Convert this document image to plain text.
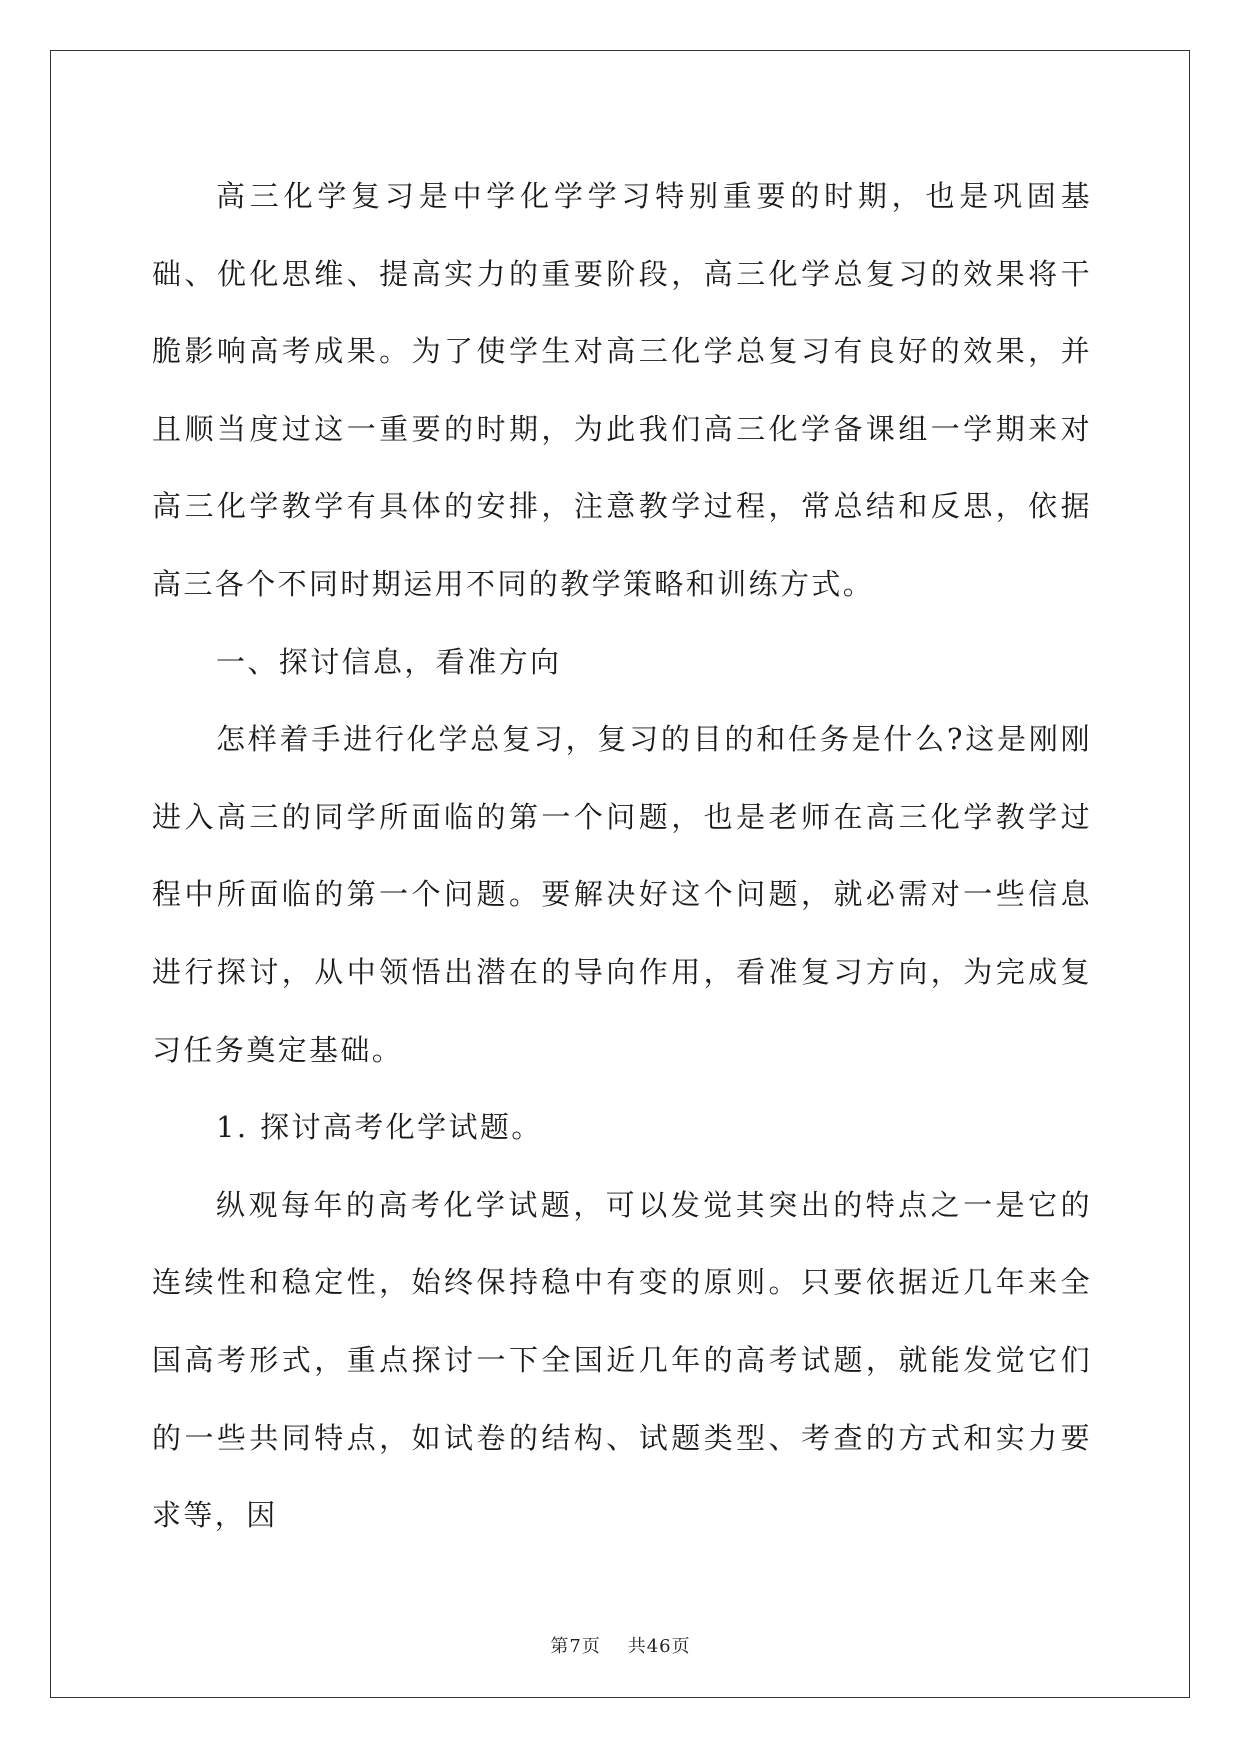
高三化学复习是中学化学学习特别重要的时期，也是巩固基础、优化思维、提高实力的重要阶段，高三化学总复习的效果将干脆影响高考成果。为了使学生对高三化学总复习有良好的效果，并且顺当度过这一重要的时期，为此我们高三化学备课组一学期来对高三化学教学有具体的安排，注意教学过程，常总结和反思，依据高三各个不同时期运用不同的教学策略和训练方式。

一、探讨信息，看准方向

怎样着手进行化学总复习，复习的目的和任务是什么?这是刚刚进入高三的同学所面临的第一个问题，也是老师在高三化学教学过程中所面临的第一个问题。要解决好这个问题，就必需对一些信息进行探讨，从中领悟出潜在的导向作用，看准复习方向，为完成复习任务奠定基础。

1. 探讨高考化学试题。

纵观每年的高考化学试题，可以发觉其突出的特点之一是它的连续性和稳定性，始终保持稳中有变的原则。只要依据近几年来全国高考形式，重点探讨一下全国近几年的高考试题，就能发觉它们的一些共同特点，如试卷的结构、试题类型、考查的方式和实力要求等，因

第7页 共46页
